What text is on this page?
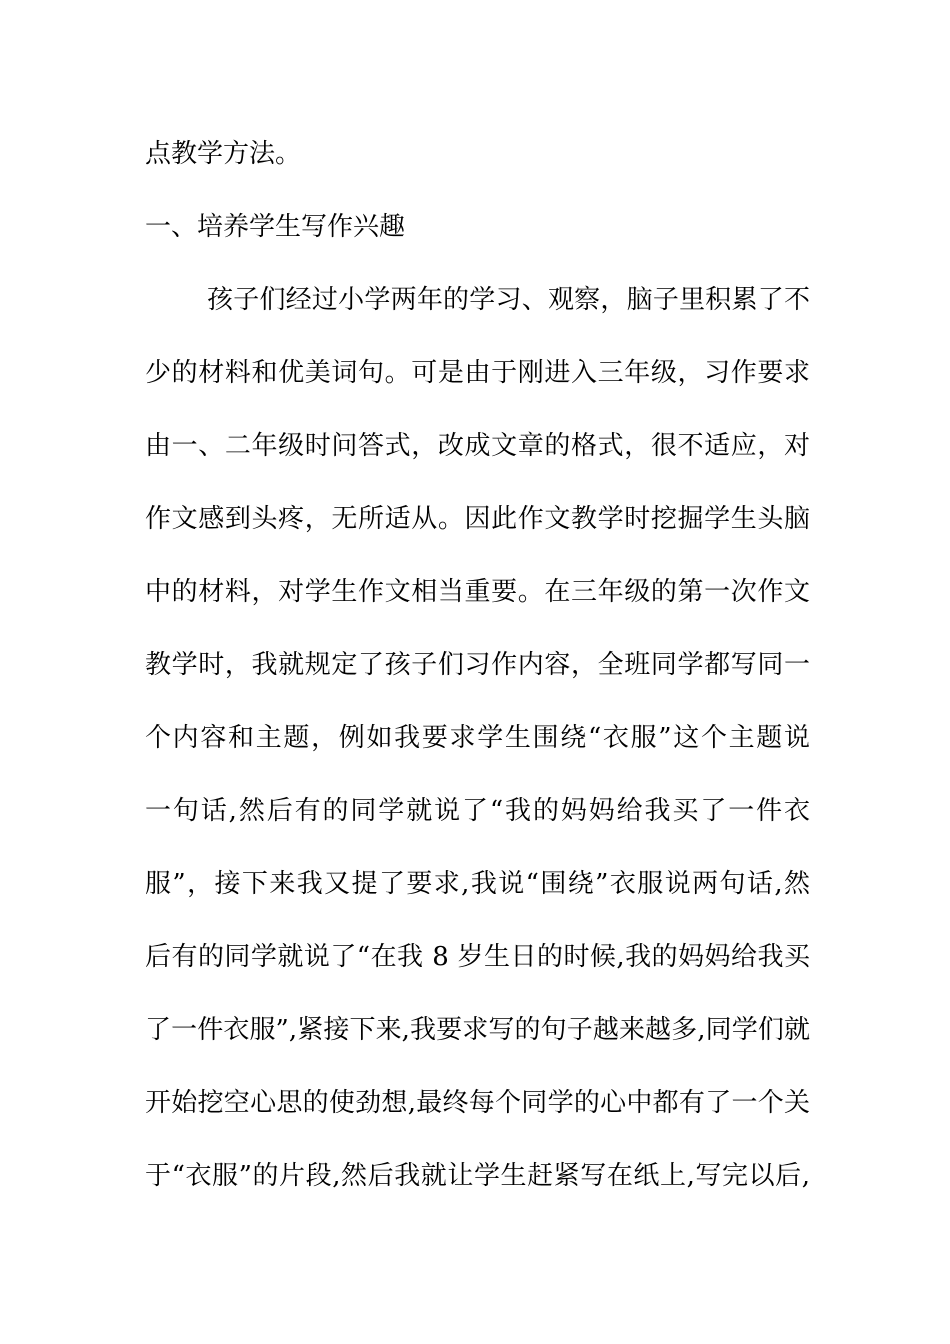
点教学方法。
一、培养学生写作兴趣
孩子们经过小学两年的学习、观察，脑子里积累了不
少的材料和优美词句。可是由于刚进入三年级，习作要求
由一、二年级时问答式，改成文章的格式，很不适应，对
作文感到头疼，无所适从。因此作文教学时挖掘学生头脑
中的材料，对学生作文相当重要。在三年级的第一次作文
教学时，我就规定了孩子们习作内容，全班同学都写同一
个内容和主题，例如我要求学生围绕“衣服”这个主题说
一句话,然后有的同学就说了“我的妈妈给我买了一件衣
服”，接下来我又提了要求,我说“围绕”衣服说两句话,然
后有的同学就说了“在我 8 岁生日的时候,我的妈妈给我买
了一件衣服”,紧接下来,我要求写的句子越来越多,同学们就
开始挖空心思的使劲想,最终每个同学的心中都有了一个关
于“衣服”的片段,然后我就让学生赶紧写在纸上,写完以后,
